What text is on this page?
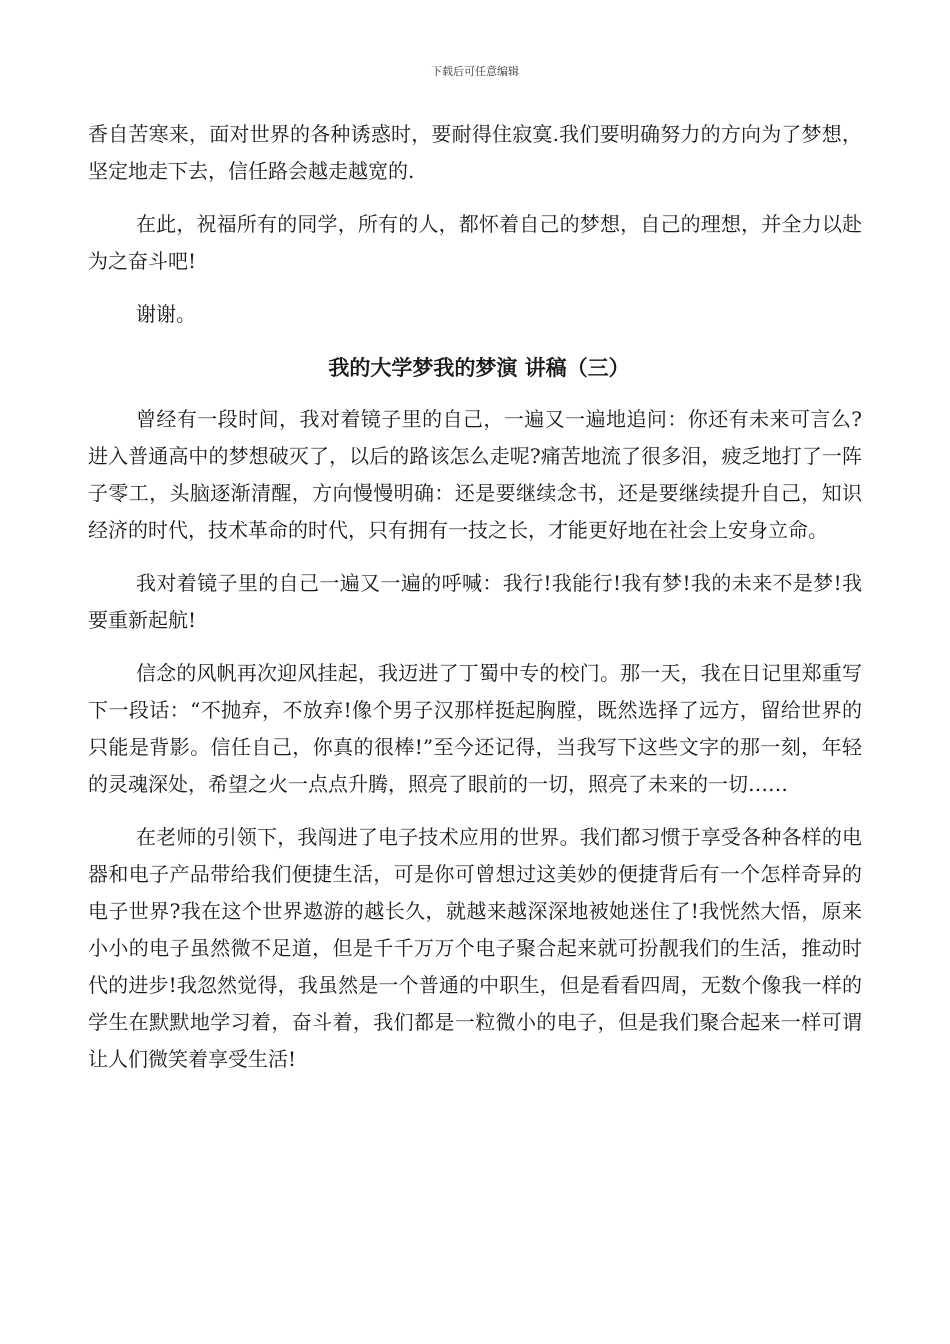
下载后可任意编辑

香自苦寒来，面对世界的各种诱惑时，要耐得住寂寞.我们要明确努力的方向为了梦想，坚定地走下去，信任路会越走越宽的.

在此，祝福所有的同学，所有的人，都怀着自己的梦想，自己的理想，并全力以赴为之奋斗吧!

谢谢。

我的大学梦我的梦演 讲稿（三）

曾经有一段时间，我对着镜子里的自己，一遍又一遍地追问：你还有未来可言么?进入普通高中的梦想破灭了，以后的路该怎么走呢?痛苦地流了很多泪，疲乏地打了一阵子零工，头脑逐渐清醒，方向慢慢明确：还是要继续念书，还是要继续提升自己，知识经济的时代，技术革命的时代，只有拥有一技之长，才能更好地在社会上安身立命。

我对着镜子里的自己一遍又一遍的呼喊：我行!我能行!我有梦!我的未来不是梦!我要重新起航!

信念的风帆再次迎风挂起，我迈进了丁蜀中专的校门。那一天，我在日记里郑重写下一段话：“不抛弃，不放弃!像个男子汉那样挺起胸膛，既然选择了远方，留给世界的只能是背影。信任自己，你真的很棒!”至今还记得，当我写下这些文字的那一刻，年轻的灵魂深处，希望之火一点点升腾，照亮了眼前的一切，照亮了未来的一切……

在老师的引领下，我闯进了电子技术应用的世界。我们都习惯于享受各种各样的电器和电子产品带给我们便捷生活，可是你可曾想过这美妙的便捷背后有一个怎样奇异的电子世界?我在这个世界遨游的越长久，就越来越深深地被她迷住了!我恍然大悟，原来小小的电子虽然微不足道，但是千千万万个电子聚合起来就可扮靓我们的生活，推动时代的进步!我忽然觉得，我虽然是一个普通的中职生，但是看看四周，无数个像我一样的学生在默默地学习着，奋斗着，我们都是一粒微小的电子，但是我们聚合起来一样可谓让人们微笑着享受生活!
